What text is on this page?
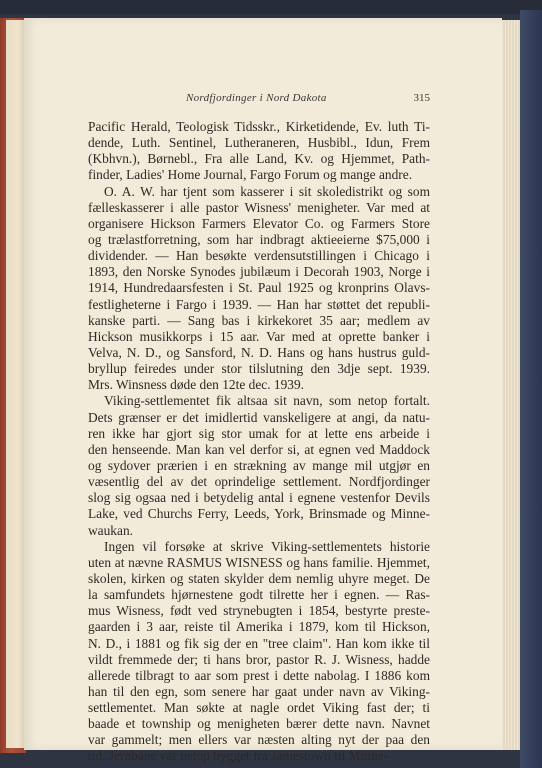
Nordfjordinger i Nord Dakota	315
Pacific Herald, Teologisk Tidsskr., Kirketidende, Ev. luth Ti-
dende, Luth. Sentinel, Lutheraneren, Husbibl., Idun, Frem
(Kbhvn.), Børnebl., Fra alle Land, Kv. og Hjemmet, Path-
finder, Ladies' Home Journal, Fargo Forum og mange andre.
O. A. W. har tjent som kasserer i sit skoledistrikt og som
fælleskasserer i alle pastor Wisness' menigheter. Var med at
organisere Hickson Farmers Elevator Co. og Farmers Store
og trælastforretning, som har indbragt aktieeierne $75,000 i
dividender. — Han besøkte verdensutstillingen i Chicago i
1893, den Norske Synodes jubilæum i Decorah 1903, Norge i
1914, Hundredaarsfesten i St. Paul 1925 og kronprins Olavs-
festligheterne i Fargo i 1939. — Han har støttet det republi-
kanske parti. — Sang bas i kirkekoret 35 aar; medlem av
Hickson musikkorps i 15 aar. Var med at oprette banker i
Velva, N. D., og Sansford, N. D. Hans og hans hustrus guld-
bryllup feiredes under stor tilslutning den 3dje sept. 1939.
Mrs. Winsness døde den 12te dec. 1939.
Viking-settlementet fik altsaa sit navn, som netop fortalt.
Dets grænser er det imidlertid vanskeligere at angi, da natu-
ren ikke har gjort sig stor umak for at lette ens arbeide i
den henseende. Man kan vel derfor si, at egnen ved Maddock
og sydover prærien i en strækning av mange mil utgjør en
væsentlig del av det oprindelige settlement. Nordfjordinger
slog sig ogsaa ned i betydelig antal i egnene vestenfor Devils
Lake, ved Churchs Ferry, Leeds, York, Brinsmade og Minne-
waukan.
Ingen vil forsøke at skrive Viking-settlementets historie
uten at nævne RASMUS WISNESS og hans familie. Hjemmet,
skolen, kirken og staten skylder dem nemlig uhyre meget. De
la samfundets hjørnestene godt tilrette her i egnen. — Ras-
mus Wisness, født ved strynebugten i 1854, bestyrte preste-
gaarden i 3 aar, reiste til Amerika i 1879, kom til Hickson,
N. D., i 1881 og fik sig der en "tree claim". Han kom ikke til
vildt fremmede der; ti hans bror, pastor R. J. Wisness, hadde
allerede tilbragt to aar som prest i dette nabolag. I 1886 kom
han til den egn, som senere har gaat under navn av Viking-
settlementet. Man søkte at nagle ordet Viking fast der; ti
baade et township og menigheten bærer dette navn. Navnet
var gammelt; men ellers var næsten alting nyt der paa den
tid. Jernbane var netop bygget fra Jamestown til Minne-
